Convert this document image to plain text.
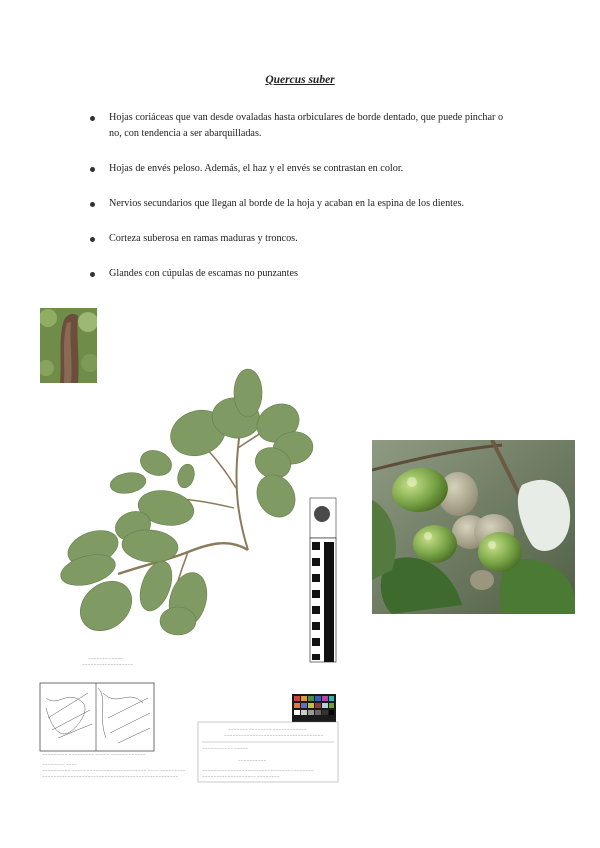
Quercus suber
Hojas coriáceas que van desde ovaladas hasta orbiculares de borde dentado, que puede pinchar o no, con tendencia a ser abarquilladas.
Hojas de envés peloso. Además, el haz y el envés se contrastan en color.
Nervios secundarios que llegan al borde de la hoja y acaban en la espina de los dientes.
Corteza suberosa en ramas maduras y troncos.
Glandes con cúpulas de escamas no punzantes
~~~~~~~~ ~~~~
~~~~~~~~~~~~~~~~~~
~~~~~~~~~ ~~~~~~~~~ ~~~~~ ~~~~~~ ~~~~~~
~~~~~~~~ ~~~~
~~~~~~~~~~ ~~~~~ ~~~~~~~~~~~~~~~~~~~~~ ~~~~ ~~~~~~~~~
~~~~~~~~~~~~~~~~~~~~~~~~~~~~~~~~~~~~~~~~~~~~~~~~
~~~~~~~ ~~~~~~~~ ~~~~~~~~~~~~
~~~~~~~~~~~~~~~~~~~~~~~~~~~~~~~~~~~
~~~~~~~~~~~ ~~~~~
~~~~~~~~~~
~~~~~~~~~~~~~~~~~~~~~~~~~~~~~~~ ~~~~~~~~
~~~~~~~~~~~~~~~~~~~ ~~~~~~~~
